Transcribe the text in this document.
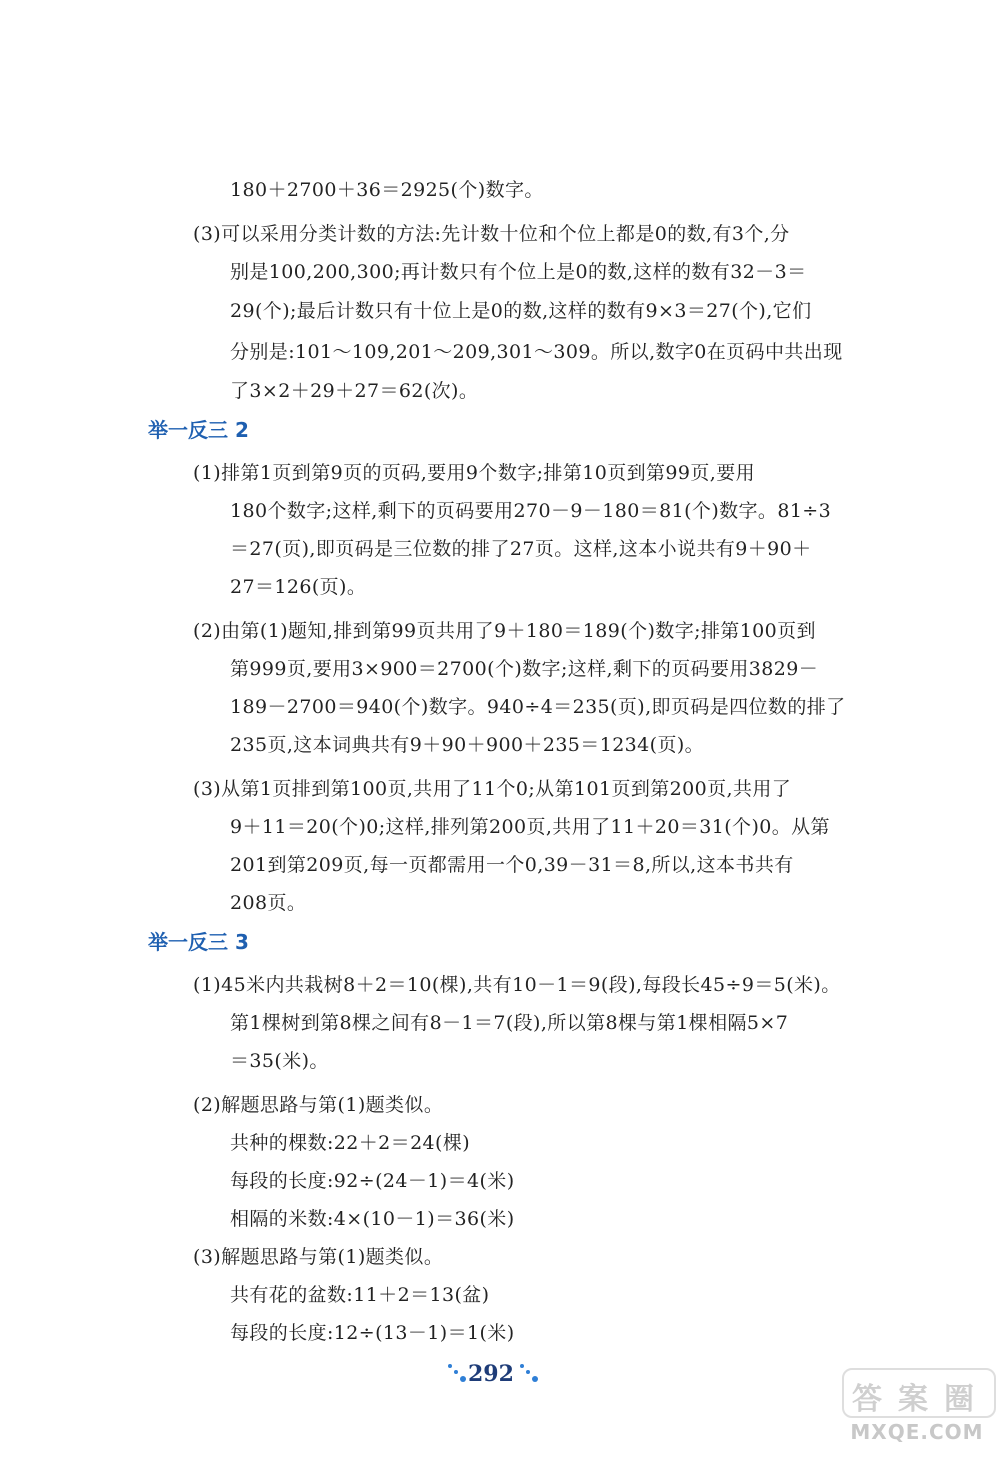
180＋2700＋36＝2925(个)数字。
(3)可以采用分类计数的方法:先计数十位和个位上都是0的数,有3个,分
别是100,200,300;再计数只有个位上是0的数,这样的数有32－3＝
29(个);最后计数只有十位上是0的数,这样的数有9×3＝27(个),它们
分别是:101～109,201～209,301～309。所以,数字0在页码中共出现
了3×2＋29＋27＝62(次)。
(1)排第1页到第9页的页码,要用9个数字;排第10页到第99页,要用
180个数字;这样,剩下的页码要用270－9－180＝81(个)数字。81÷3
＝27(页),即页码是三位数的排了27页。这样,这本小说共有9＋90＋
27＝126(页)。
(2)由第(1)题知,排到第99页共用了9＋180＝189(个)数字;排第100页到
第999页,要用3×900＝2700(个)数字;这样,剩下的页码要用3829－
189－2700＝940(个)数字。940÷4＝235(页),即页码是四位数的排了
235页,这本词典共有9＋90＋900＋235＝1234(页)。
(3)从第1页排到第100页,共用了11个0;从第101页到第200页,共用了
9＋11＝20(个)0;这样,排列第200页,共用了11＋20＝31(个)0。从第
201到第209页,每一页都需用一个0,39－31＝8,所以,这本书共有
208页。
(1)45米内共栽树8＋2＝10(棵),共有10－1＝9(段),每段长45÷9＝5(米)。
第1棵树到第8棵之间有8－1＝7(段),所以第8棵与第1棵相隔5×7
＝35(米)。
(2)解题思路与第(1)题类似。
共种的棵数:22＋2＝24(棵)
每段的长度:92÷(24－1)＝4(米)
相隔的米数:4×(10－1)＝36(米)
(3)解题思路与第(1)题类似。
共有花的盆数:11＋2＝13(盆)
每段的长度:12÷(13－1)＝1(米)
举一反三 2
举一反三 3
292
答 案 圈
MXQE.COM
